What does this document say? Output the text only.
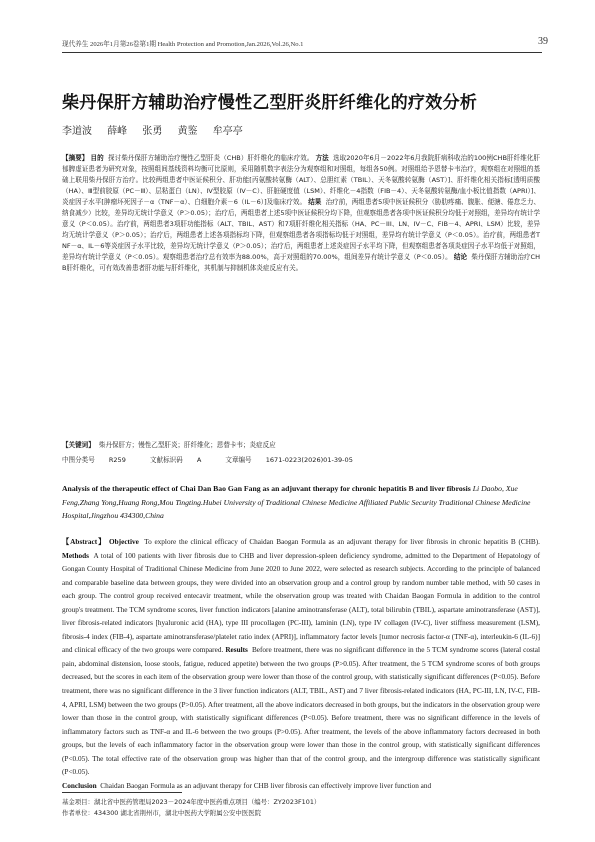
现代养生 2026年1月第26卷第1期 Health Protection and Promotion,Jan.2026,Vol.26,No.1	39
柴丹保肝方辅助治疗慢性乙型肝炎肝纤维化的疗效分析
李道波 薛峰 张勇 黄鉴 牟亭亭
【摘要】 目的 探讨柴丹保肝方辅助治疗慢性乙型肝炎（CHB）肝纤维化的临床疗效。 方法 选取2020年6月－2022年6月我院肝病科收治的100例CHB肝纤维化肝郁脾虚证患者为研究对象，按照组间基线资料均衡可比原则，采用随机数字表法分为观察组和对照组，每组各50例。对照组给予恩替卡韦治疗，观察组在对照组的基础上联用柴丹保肝方治疗。比较两组患者中医证候积分、肝功能[丙氨酸转氨酶（ALT）、总胆红素（TBIL）、天冬氨酸转氨酶（AST）]、肝纤维化相关指标[透明质酸（HA）、Ⅲ型前胶原（PC－Ⅲ）、层粘蛋白（LN）、Ⅳ型胶原（IV－C）、肝脏硬度值（LSM）、纤维化－4指数（FIB－4）、天冬氨酸转氨酶/血小板比值指数（APRI）]、炎症因子水平[肿瘤坏死因子－α（TNF－α）、白细胞介素－6（IL－6）]及临床疗效。 结果 治疗前，两组患者5项中医证候积分（胁肋疼痛、腹胀、便溏、倦怠乏力、纳食减少）比较，差异均无统计学意义（P＞0.05）；治疗后，两组患者上述5项中医证候积分均下降，但观察组患者各项中医证候积分均低于对照组，差异均有统计学意义（P＜0.05）。治疗前，两组患者3项肝功能指标（ALT、TBIL、AST）和7项肝纤维化相关指标（HA、PC－III、LN、IV－C、FIB－4、APRI、LSM）比较，差异均无统计学意义（P＞0.05）；治疗后，两组患者上述各项指标均下降，但观察组患者各项指标均低于对照组，差异均有统计学意义（P＜0.05）。治疗前，两组患者TNF－α、IL－6等炎症因子水平比较，差异均无统计学意义（P＞0.05）；治疗后，两组患者上述炎症因子水平均下降，但观察组患者各项炎症因子水平均低于对照组，差异均有统计学意义（P＜0.05）。观察组患者治疗总有效率为88.00%，高于对照组的70.00%，组间差异有统计学意义（P＜0.05）。 结论 柴丹保肝方辅助治疗CHB肝纤维化，可有效改善患者肝功能与肝纤维化，其机制与抑制机体炎症反应有关。
【关键词】 柴丹保肝方；慢性乙型肝炎；肝纤维化；恩替卡韦；炎症反应
中图分类号 R259	文献标识码 A	文章编号 1671-0223(2026)01-39-05
Analysis of the therapeutic effect of Chai Dan Bao Gan Fang as an adjuvant therapy for chronic hepatitis B and liver fibrosis Li Daobo, Xue Feng,Zhang Yong,Huang Rong,Mou Tingting.Hubei University of Traditional Chinese Medicine Affiliated Public Security Traditional Chinese Medicine Hospital,Jingzhou 434300,China
【Abstract】 Objective To explore the clinical efficacy of Chaidan Baogan Formula as an adjuvant therapy for liver fibrosis in chronic hepatitis B (CHB). Methods A total of 100 patients with liver fibrosis due to CHB and liver depression-spleen deficiency syndrome, admitted to the Department of Hepatology of Gongan County Hospital of Traditional Chinese Medicine from June 2020 to June 2022, were selected as research subjects. According to the principle of balanced and comparable baseline data between groups, they were divided into an observation group and a control group by random number table method, with 50 cases in each group. The control group received entecavir treatment, while the observation group was treated with Chaidan Baogan Formula in addition to the control group's treatment. The TCM syndrome scores, liver function indicators [alanine aminotransferase (ALT), total bilirubin (TBIL), aspartate aminotransferase (AST)], liver fibrosis-related indicators [hyaluronic acid (HA), type III procollagen (PC-III), laminin (LN), type IV collagen (IV-C), liver stiffness measurement (LSM), fibrosis-4 index (FIB-4), aspartate aminotransferase/platelet ratio index (APRI)], inflammatory factor levels [tumor necrosis factor-α (TNF-α), interleukin-6 (IL-6)] and clinical efficacy of the two groups were compared. Results Before treatment, there was no significant difference in the 5 TCM syndrome scores (lateral costal pain, abdominal distension, loose stools, fatigue, reduced appetite) between the two groups (P>0.05). After treatment, the 5 TCM syndrome scores of both groups decreased, but the scores in each item of the observation group were lower than those of the control group, with statistically significant differences (P<0.05). Before treatment, there was no significant difference in the 3 liver function indicators (ALT, TBIL, AST) and 7 liver fibrosis-related indicators (HA, PC-III, LN, IV-C, FIB-4, APRI, LSM) between the two groups (P>0.05). After treatment, all the above indicators decreased in both groups, but the indicators in the observation group were lower than those in the control group, with statistically significant differences (P<0.05). Before treatment, there was no significant difference in the levels of inflammatory factors such as TNF-α and IL-6 between the two groups (P>0.05). After treatment, the levels of the above inflammatory factors decreased in both groups, but the levels of each inflammatory factor in the observation group were lower than those in the control group, with statistically significant differences (P<0.05). The total effective rate of the observation group was higher than that of the control group, and the intergroup difference was statistically significant (P<0.05).
Conclusion Chaidan Baogan Formula as an adjuvant therapy for CHB liver fibrosis can effectively improve liver function and
基金项目：湖北省中医药管理局2023－2024年度中医药重点项目（编号：ZY2023F101）
作者单位：434300 湖北省荆州市，湖北中医药大学附属公安中医医院
